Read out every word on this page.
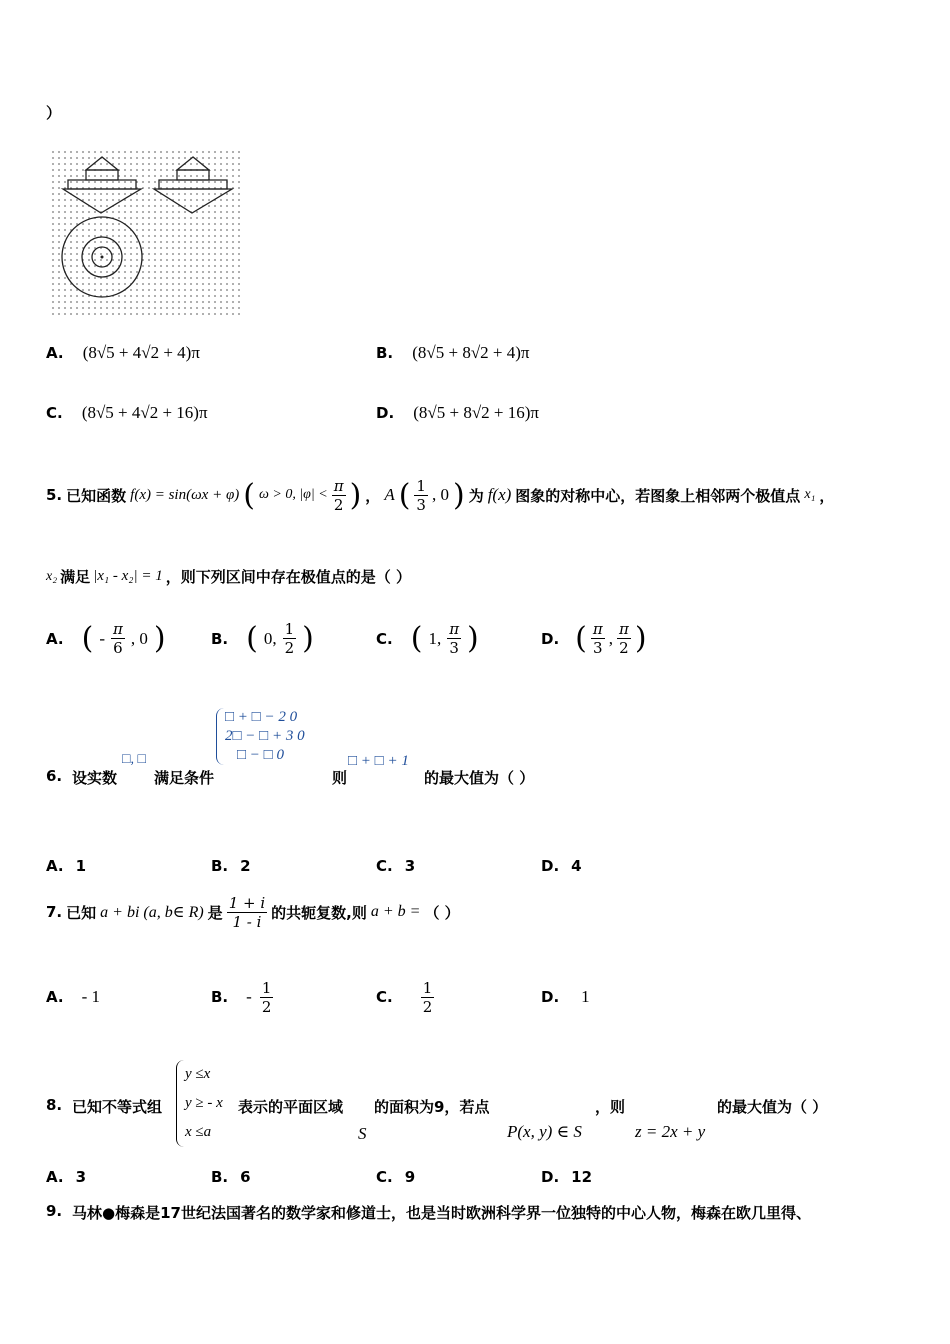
）
A. (8√5 + 4√2 + 4)π	B. (8√5 + 8√2 + 4)π
C. (8√5 + 4√2 + 16)π	D. (8√5 + 8√2 + 16)π
5. 已知函数 f(x) = sin(ωx + φ) ( ω > 0, $|\varphi| < \frac{\pi}{2}$ ) ， A ( $\frac{1}{3}$ , 0 ) 为 f(x) 图象的对称中心，若图象上相邻两个极值点 x₁ ，
x₂ 满足 |x₁ - x₂| = 1 ，则下列区间中存在极值点的是（ ）
A. ( - $\frac{\pi}{6}$ , 0 )	B. ( 0, $\frac{1}{2}$ )	C. ( 1, $\frac{\pi}{3}$ )	D. ( $\frac{\pi}{3}$ , $\frac{\pi}{2}$ )
6. 设实数
□, □
满足条件
□ + □ − 2 0
2□ − □ + 3 0
□ − □ 0
则
□ + □ + 1
的最大值为（ ）
A. 1	B. 2	C. 3	D. 4
7. 已知 a + bi (a, b∈ R) 是 $\frac{1 + i}{1 - i}$ 的共轭复数,则 a + b = （ ）
A. - 1	B. - $\frac{1}{2}$	C. $\frac{1}{2}$	D. 1
8. 已知不等式组
y ≤x
y ≥ - x
x ≤a
表示的平面区域
S
的面积为9，若点
P(x, y) ∈ S
，则
z = 2x + y
的最大值为（ ）
A. 3	B. 6	C. 9	D. 12
9. 马林●梅森是17世纪法国著名的数学家和修道士，也是当时欧洲科学界一位独特的中心人物，梅森在欧几里得、
